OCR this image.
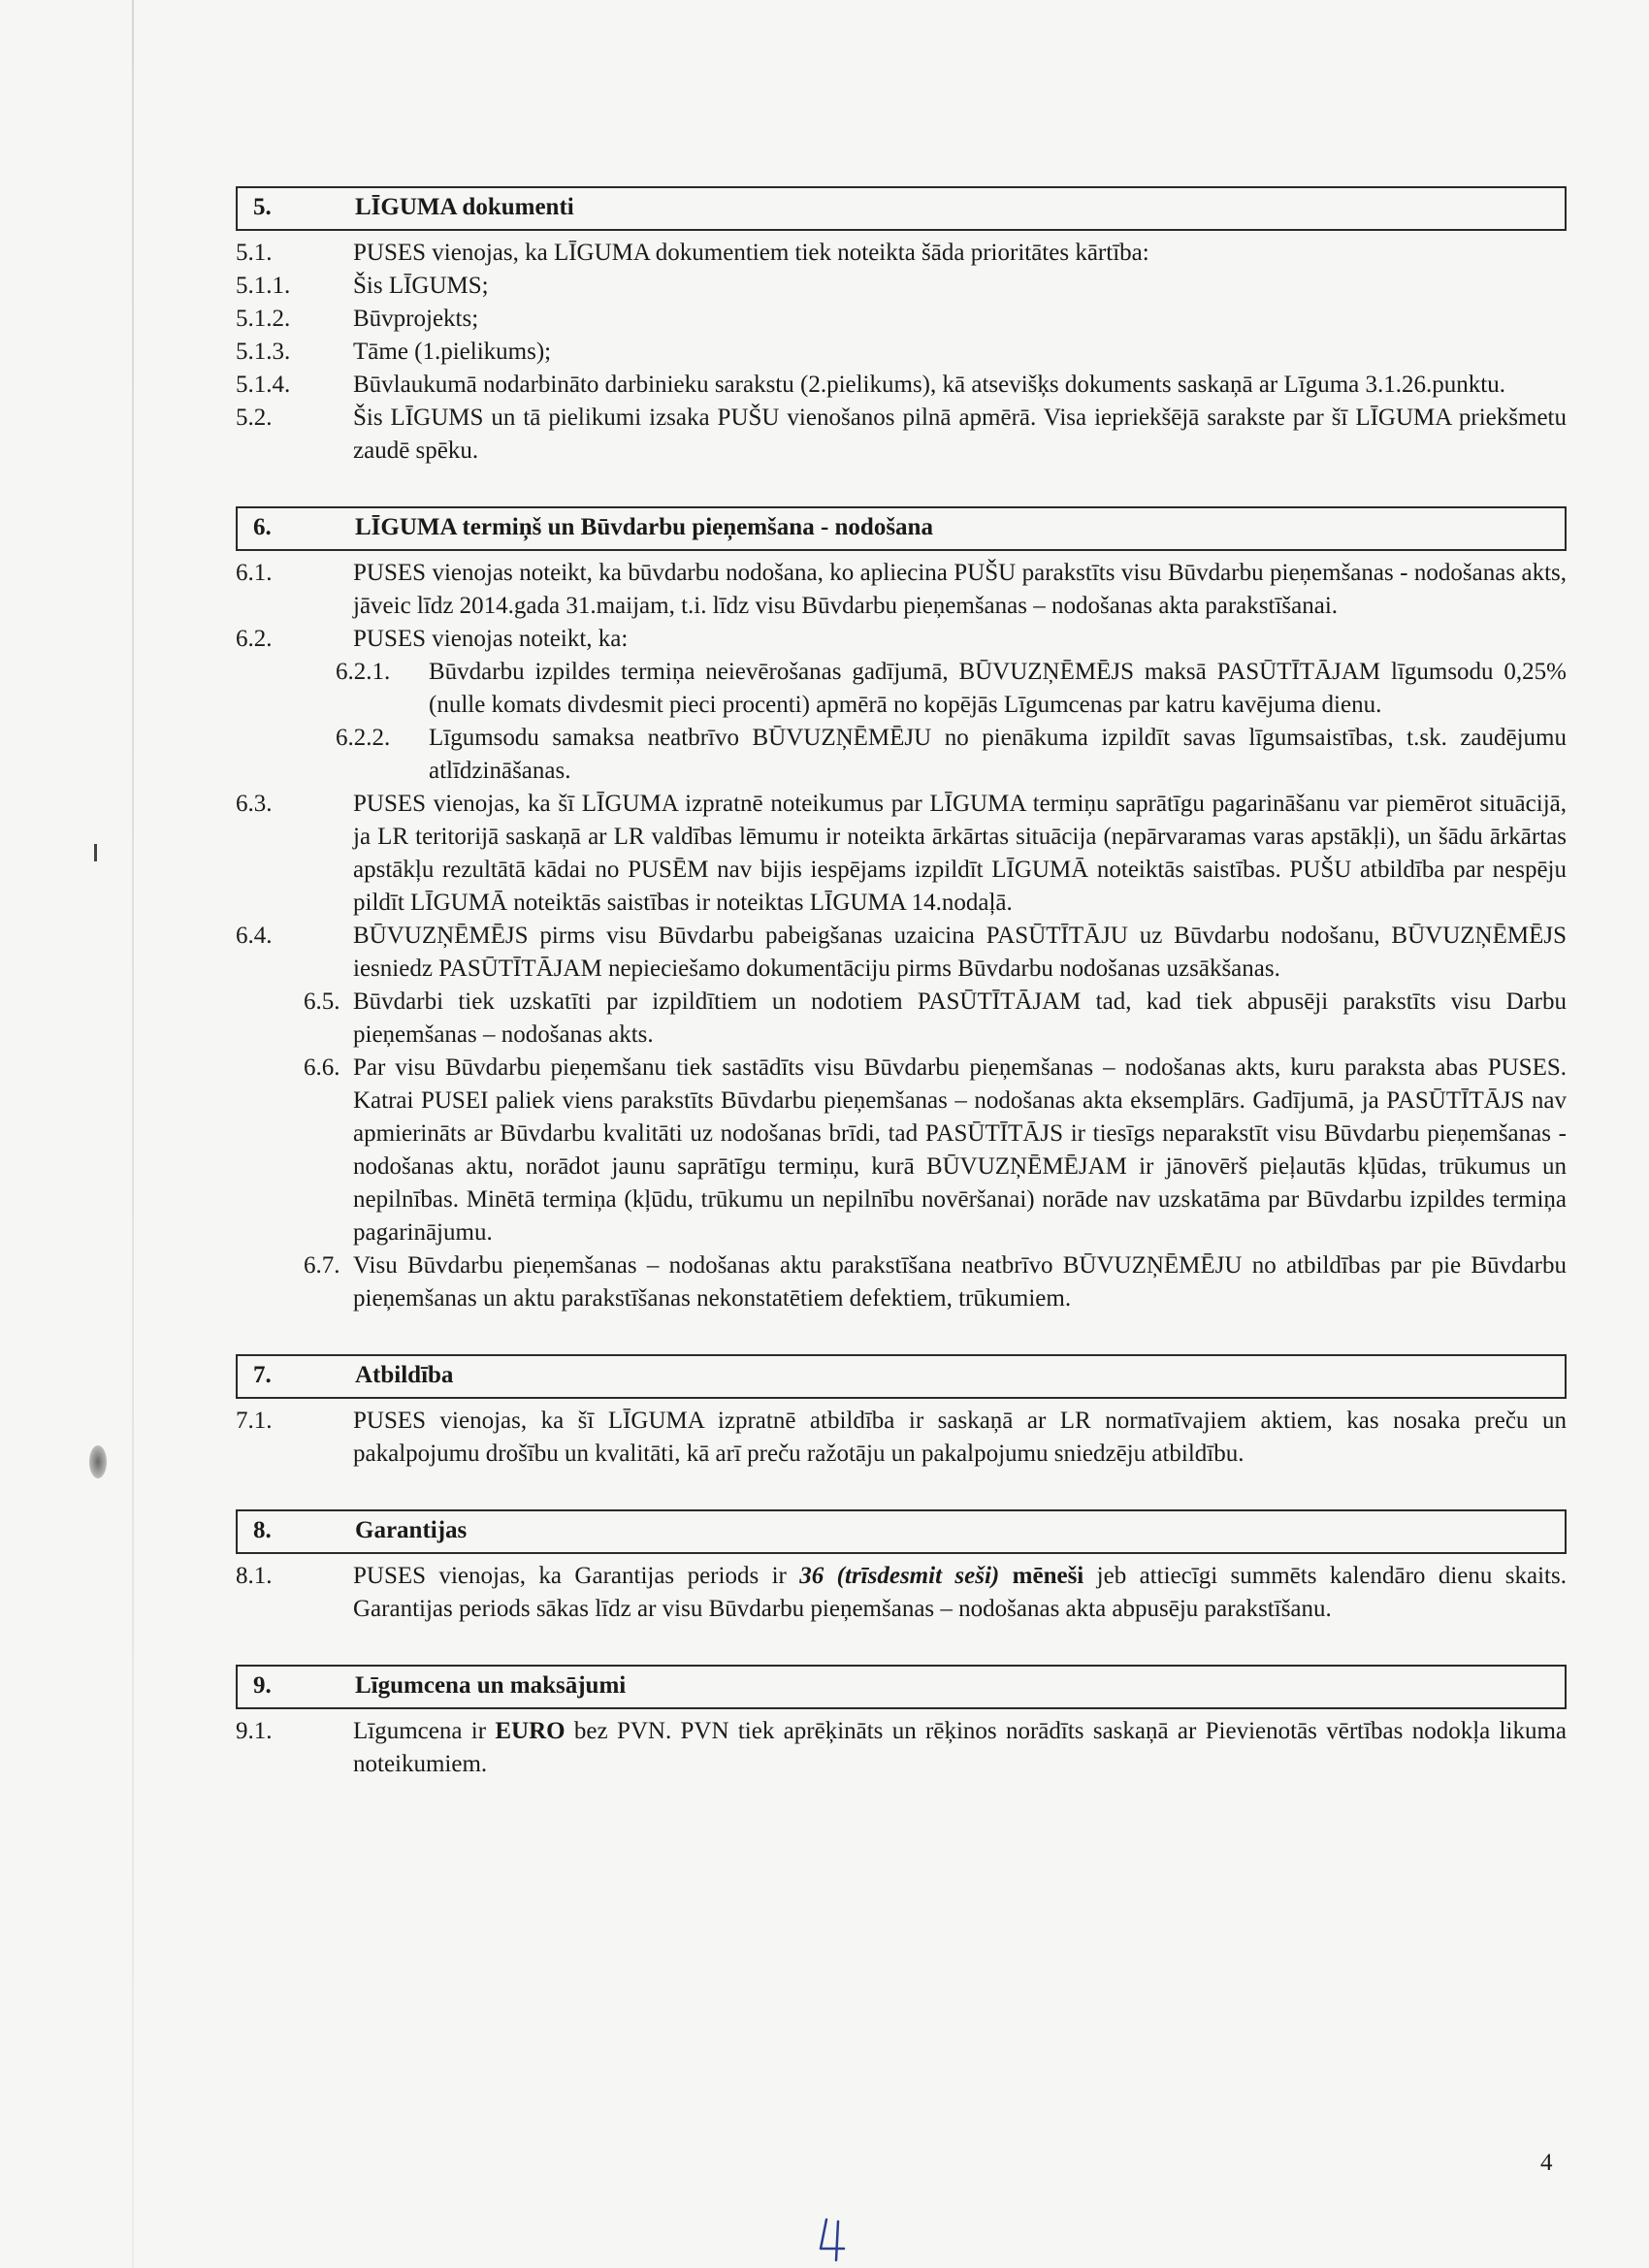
5.	LĪGUMA dokumenti
5.1.	PUSES vienojas, ka LĪGUMA dokumentiem tiek noteikta šāda prioritātes kārtība:
5.1.1.	Šis LĪGUMS;
5.1.2.	Būvprojekts;
5.1.3.	Tāme (1.pielikums);
5.1.4.	Būvlaukumā nodarbināto darbinieku sarakstu (2.pielikums), kā atsevišķs dokuments saskaņā ar Līguma 3.1.26.punktu.
5.2.	Šis LĪGUMS un tā pielikumi izsaka PUŠU vienošanos pilnā apmērā. Visa iepriekšējā sarakste par šī LĪGUMA priekšmetu zaudē spēku.
6.	LĪGUMA termiņš un Būvdarbu pieņemšana - nodošana
6.1.	PUSES vienojas noteikt, ka būvdarbu nodošana, ko apliecina PUŠU parakstīts visu Būvdarbu pieņemšanas - nodošanas akts, jāveic līdz 2014.gada 31.maijam, t.i. līdz visu Būvdarbu pieņemšanas – nodošanas akta parakstīšanai.
6.2.	PUSES vienojas noteikt, ka:
6.2.1. Būvdarbu izpildes termiņa neievērošanas gadījumā, BŪVUZŅĒMĒJS maksā PASŪTĪTĀJAM līgumsodu 0,25% (nulle komats divdesmit pieci procenti) apmērā no kopējās Līgumcenas par katru kavējuma dienu.
6.2.2. Līgumsodu samaksa neatbrīvo BŪVUZŅĒMĒJU no pienākuma izpildīt savas līgumsaistības, t.sk. zaudējumu atlīdzināšanas.
6.3.	PUSES vienojas, ka šī LĪGUMA izpratnē noteikumus par LĪGUMA termiņu saprātīgu pagarināšanu var piemērot situācijā, ja LR teritorijā saskaņā ar LR valdības lēmumu ir noteikta ārkārtas situācija (nepārvaramas varas apstākļi), un šādu ārkārtas apstākļu rezultātā kādai no PUSĒM nav bijis iespējams izpildīt LĪGUMĀ noteiktās saistības. PUŠU atbildība par nespēju pildīt LĪGUMĀ noteiktās saistības ir noteiktas LĪGUMA 14.nodaļā.
6.4.	BŪVUZŅĒMĒJS pirms visu Būvdarbu pabeigšanas uzaicina PASŪTĪTĀJU uz Būvdarbu nodošanu, BŪVUZŅĒMĒJS iesniedz PASŪTĪTĀJAM nepieciešamo dokumentāciju pirms Būvdarbu nodošanas uzsākšanas.
6.5. Būvdarbi tiek uzskatīti par izpildītiem un nodotiem PASŪTĪTĀJAM tad, kad tiek abpusēji parakstīts visu Darbu pieņemšanas – nodošanas akts.
6.6. Par visu Būvdarbu pieņemšanu tiek sastādīts visu Būvdarbu pieņemšanas – nodošanas akts, kuru paraksta abas PUSES. Katrai PUSEI paliek viens parakstīts Būvdarbu pieņemšanas – nodošanas akta eksemplārs. Gadījumā, ja PASŪTĪTĀJS nav apmierināts ar Būvdarbu kvalitāti uz nodošanas brīdi, tad PASŪTĪTĀJS ir tiesīgs neparakstīt visu Būvdarbu pieņemšanas - nodošanas aktu, norādot jaunu saprātīgu termiņu, kurā BŪVUZŅĒMĒJAM ir jānovērš pieļautās kļūdas, trūkumus un nepilnības. Minētā termiņa (kļūdu, trūkumu un nepilnību novēršanai) norāde nav uzskatāma par Būvdarbu izpildes termiņa pagarinājumu.
6.7. Visu Būvdarbu pieņemšanas – nodošanas aktu parakstīšana neatbrīvo BŪVUZŅĒMĒJU no atbildības par pie Būvdarbu pieņemšanas un aktu parakstīšanas nekonstatētiem defektiem, trūkumiem.
7.	Atbildība
7.1.	PUSES vienojas, ka šī LĪGUMA izpratnē atbildība ir saskaņā ar LR normatīvajiem aktiem, kas nosaka preču un pakalpojumu drošību un kvalitāti, kā arī preču ražotāju un pakalpojumu sniedzēju atbildību.
8.	Garantijas
8.1.	PUSES vienojas, ka Garantijas periods ir 36 (trīsdesmit seši) mēneši jeb attiecīgi summēts kalendāro dienu skaits. Garantijas periods sākas līdz ar visu Būvdarbu pieņemšanas – nodošanas akta abpusēju parakstīšanu.
9.	Līgumcena un maksājumi
9.1.	Līgumcena ir EURO bez PVN. PVN tiek aprēķināts un rēķinos norādīts saskaņā ar Pievienotās vērtības nodokļa likuma noteikumiem.
4
